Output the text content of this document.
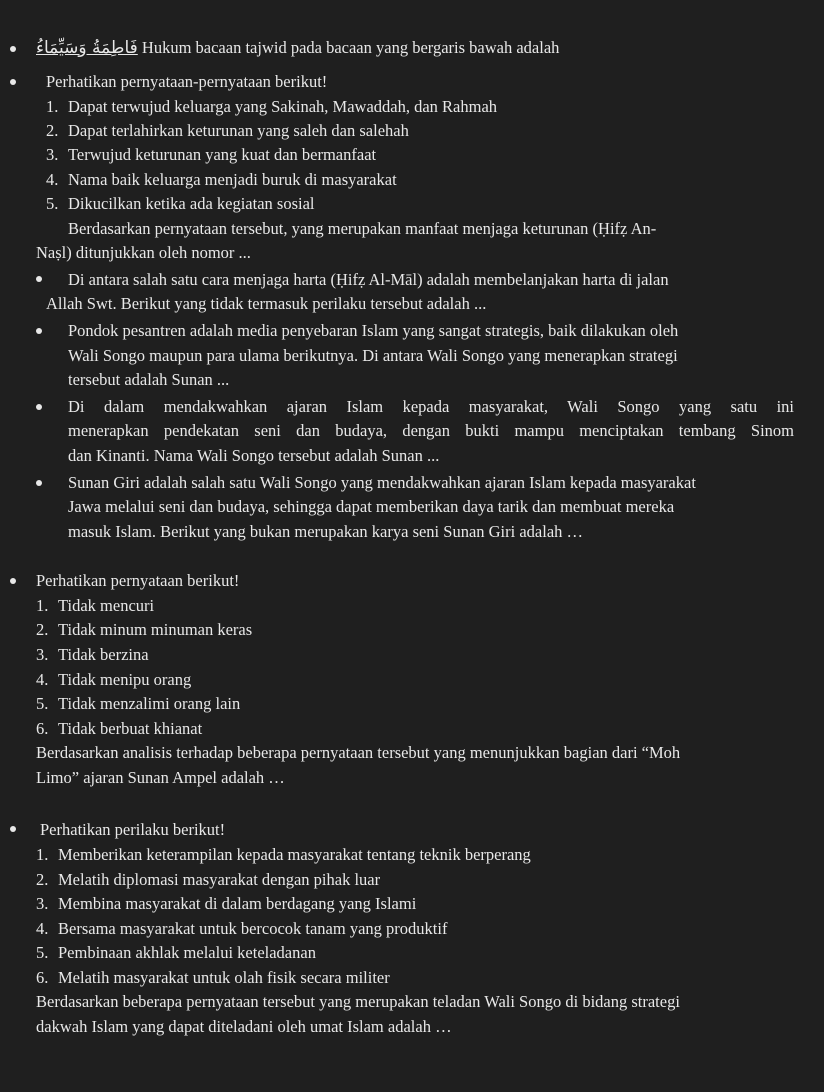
فَاطِمَةُ وَسَيِّمَاءُ Hukum bacaan tajwid pada bacaan yang bergaris bawah adalah
Perhatikan pernyataan-pernyataan berikut!
1. Dapat terwujud keluarga yang Sakinah, Mawaddah, dan Rahmah
2. Dapat terlahirkan keturunan yang saleh dan salehah
3. Terwujud keturunan yang kuat dan bermanfaat
4. Nama baik keluarga menjadi buruk di masyarakat
5. Dikucilkan ketika ada kegiatan sosial
Berdasarkan pernyataan tersebut, yang merupakan manfaat menjaga keturunan (Ḥifẓ An-
Naṣl) ditunjukkan oleh nomor ...
Di antara salah satu cara menjaga harta (Ḥifẓ Al-Māl) adalah membelanjakan harta di jalan
Allah Swt. Berikut yang tidak termasuk perilaku tersebut adalah ...
Pondok pesantren adalah media penyebaran Islam yang sangat strategis, baik dilakukan oleh
Wali Songo maupun para ulama berikutnya. Di antara Wali Songo yang menerapkan strategi
tersebut adalah Sunan ...
Di dalam mendakwahkan ajaran Islam kepada masyarakat, Wali Songo yang satu ini
menerapkan pendekatan seni dan budaya, dengan bukti mampu menciptakan tembang Sinom
dan Kinanti. Nama Wali Songo tersebut adalah Sunan ...
Sunan Giri adalah salah satu Wali Songo yang mendakwahkan ajaran Islam kepada masyarakat
Jawa melalui seni dan budaya, sehingga dapat memberikan daya tarik dan membuat mereka
masuk Islam. Berikut yang bukan merupakan karya seni Sunan Giri adalah …
Perhatikan pernyataan berikut!
1. Tidak mencuri
2. Tidak minum minuman keras
3. Tidak berzina
4. Tidak menipu orang
5. Tidak menzalimi orang lain
6. Tidak berbuat khianat
Berdasarkan analisis terhadap beberapa pernyataan tersebut yang menunjukkan bagian dari “Moh
Limo” ajaran Sunan Ampel adalah …
Perhatikan perilaku berikut!
1. Memberikan keterampilan kepada masyarakat tentang teknik berperang
2. Melatih diplomasi masyarakat dengan pihak luar
3. Membina masyarakat di dalam berdagang yang Islami
4. Bersama masyarakat untuk bercocok tanam yang produktif
5. Pembinaan akhlak melalui keteladanan
6. Melatih masyarakat untuk olah fisik secara militer
Berdasarkan beberapa pernyataan tersebut yang merupakan teladan Wali Songo di bidang strategi
dakwah Islam yang dapat diteladani oleh umat Islam adalah …
